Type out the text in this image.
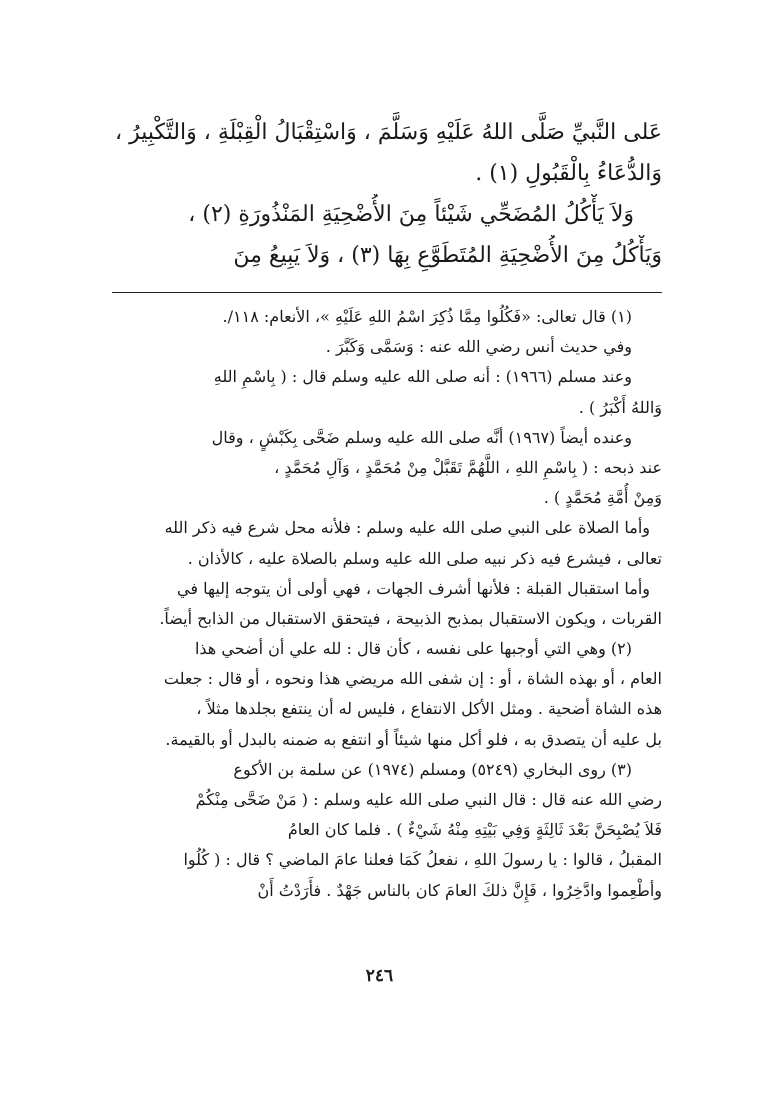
عَلى النَّبيِّ صَلَّى اللهُ عَلَيْهِ وَسَلَّمَ ، وَاسْتِقْبَالُ الْقِبْلَةِ ، وَالتَّكْبِيرُ ،
وَالدُّعَاءُ بِالْقَبُولِ (١) .
وَلاَ يَأْكُلُ المُضَحِّي شَيْئاً مِنَ الأُضْحِيَةِ المَنْذُورَةِ (٢) ،
وَيَأْكُلُ مِنَ الأُضْحِيَةِ المُتَطَوَّعِ بِهَا (٣) ، وَلاَ يَبِيعُ مِنَ
(١) قال تعالى: «فَكُلُوا مِمَّا ذُكِرَ اسْمُ اللهِ عَلَيْهِ »، الأنعام: ١١٨/.
وفي حديث أنس رضي الله عنه : وَسَمَّى وَكَبَّرَ .
وعند مسلم (١٩٦٦) : أنه صلى الله عليه وسلم قال : ( بِاسْمِ اللهِ
وَاللهُ أَكْبَرُ ) .
وعنده أيضاً (١٩٦٧) أنَّه صلى الله عليه وسلم ضَحَّى بِكَبْشٍ ، وقال
عند ذبحه : ( بِاسْمِ اللهِ ، اللَّهُمَّ تَقَبَّلْ مِنْ مُحَمَّدٍ ، وَآلِ مُحَمَّدٍ ،
وَمِنْ أُمَّةِ مُحَمَّدٍ ) .
وأما الصلاة على النبي صلى الله عليه وسلم : فلأنه محل شرع فيه ذكر الله
تعالى ، فيشرع فيه ذكر نبيه صلى الله عليه وسلم بالصلاة عليه ، كالأذان .
وأما استقبال القبلة : فلأنها أشرف الجهات ، فهي أولى أن يتوجه إليها في
القربات ، ويكون الاستقبال بمذبح الذبيحة ، فيتحقق الاستقبال من الذابح أيضاً.
(٢) وهي التي أوجبها على نفسه ، كأن قال : لله علي أن أضحي هذا
العام ، أو بهذه الشاة ، أو : إن شفى الله مريضي هذا ونحوه ، أو قال : جعلت
هذه الشاة أضحية . ومثل الأكل الانتفاع ، فليس له أن ينتفع بجلدها مثلاً ،
بل عليه أن يتصدق به ، فلو أكل منها شيئاً أو انتفع به ضمنه بالبدل أو بالقيمة.
(٣) روى البخاري (٥٢٤٩) ومسلم (١٩٧٤) عن سلمة بن الأكوع
رضي الله عنه قال : قال النبي صلى الله عليه وسلم : ( مَنْ ضَحَّى مِنْكُمْ
فَلاَ يُصْبِحَنَّ بَعْدَ ثَالِثَةٍ وَفِي بَيْتِهِ مِنْهُ شَيْءٌ ) . فلما كان العامُ
المقبلُ ، قالوا : يا رسولَ اللهِ ، نفعلُ كَمَا فعلنا عامَ الماضي ؟ قال : ( كُلُوا
وأطْعِموا وادَّخِرُوا ، فَإِنَّ ذلكَ العامَ كان بالناس جَهْدٌ . فأَرَدْتُ أَنْ
٢٤٦
